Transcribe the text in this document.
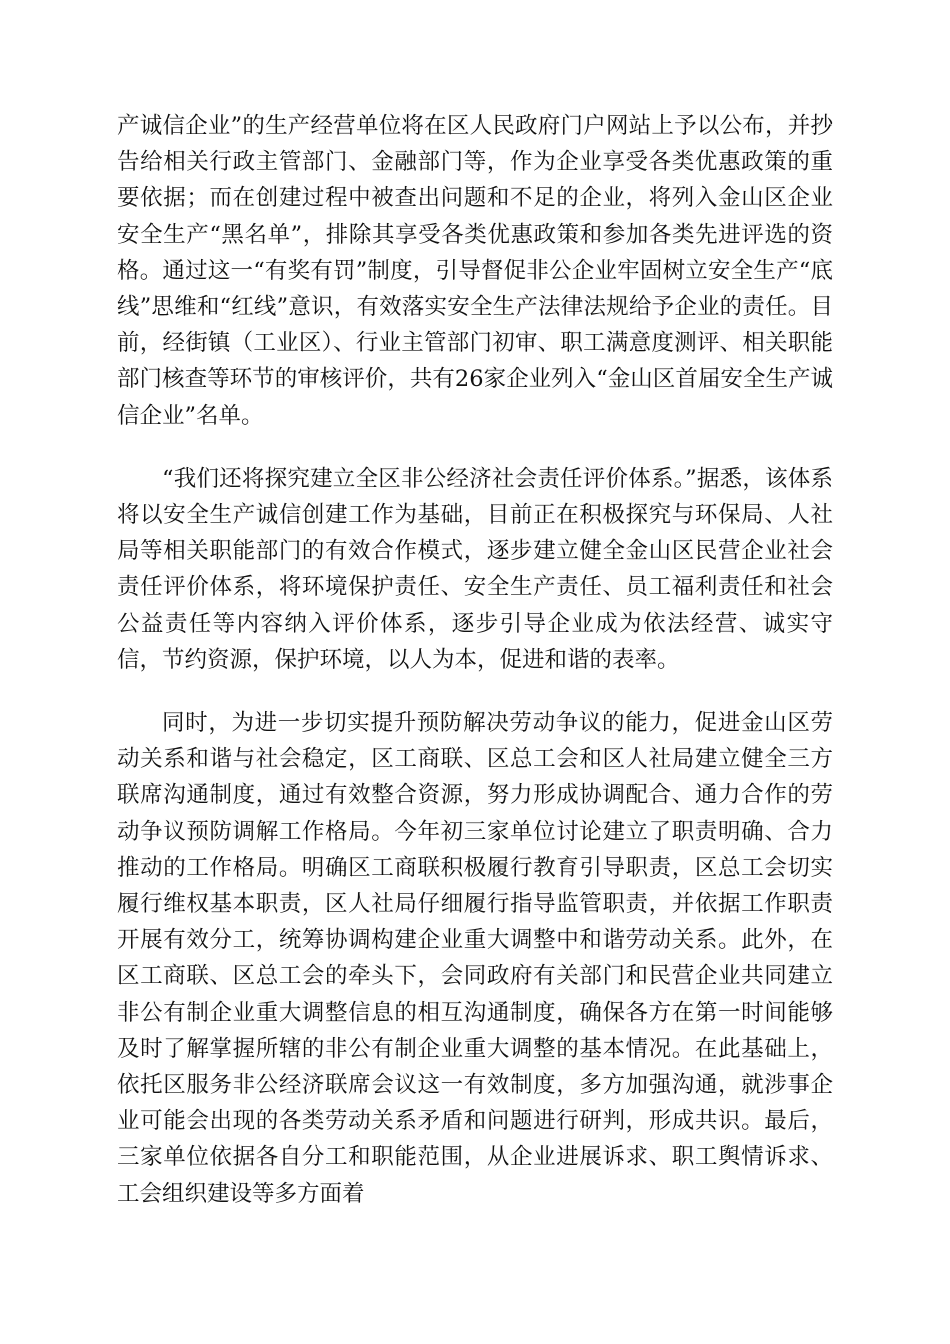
产诚信企业”的生产经营单位将在区人民政府门户网站上予以公布，并抄告给相关行政主管部门、金融部门等，作为企业享受各类优惠政策的重要依据；而在创建过程中被查出问题和不足的企业，将列入金山区企业安全生产“黑名单”，排除其享受各类优惠政策和参加各类先进评选的资格。通过这一“有奖有罚”制度，引导督促非公企业牢固树立安全生产“底线”思维和“红线”意识，有效落实安全生产法律法规给予企业的责任。目前，经街镇（工业区）、行业主管部门初审、职工满意度测评、相关职能部门核查等环节的审核评价，共有26家企业列入“金山区首届安全生产诚信企业”名单。

“我们还将探究建立全区非公经济社会责任评价体系。”据悉，该体系将以安全生产诚信创建工作为基础，目前正在积极探究与环保局、人社局等相关职能部门的有效合作模式，逐步建立健全金山区民营企业社会责任评价体系，将环境保护责任、安全生产责任、员工福利责任和社会公益责任等内容纳入评价体系，逐步引导企业成为依法经营、诚实守信，节约资源，保护环境，以人为本，促进和谐的表率。

同时，为进一步切实提升预防解决劳动争议的能力，促进金山区劳动关系和谐与社会稳定，区工商联、区总工会和区人社局建立健全三方联席沟通制度，通过有效整合资源，努力形成协调配合、通力合作的劳动争议预防调解工作格局。今年初三家单位讨论建立了职责明确、合力推动的工作格局。明确区工商联积极履行教育引导职责，区总工会切实履行维权基本职责，区人社局仔细履行指导监管职责，并依据工作职责开展有效分工，统筹协调构建企业重大调整中和谐劳动关系。此外，在区工商联、区总工会的牵头下，会同政府有关部门和民营企业共同建立非公有制企业重大调整信息的相互沟通制度，确保各方在第一时间能够及时了解掌握所辖的非公有制企业重大调整的基本情况。在此基础上，依托区服务非公经济联席会议这一有效制度，多方加强沟通，就涉事企业可能会出现的各类劳动关系矛盾和问题进行研判，形成共识。最后，三家单位依据各自分工和职能范围，从企业进展诉求、职工舆情诉求、工会组织建设等多方面着
